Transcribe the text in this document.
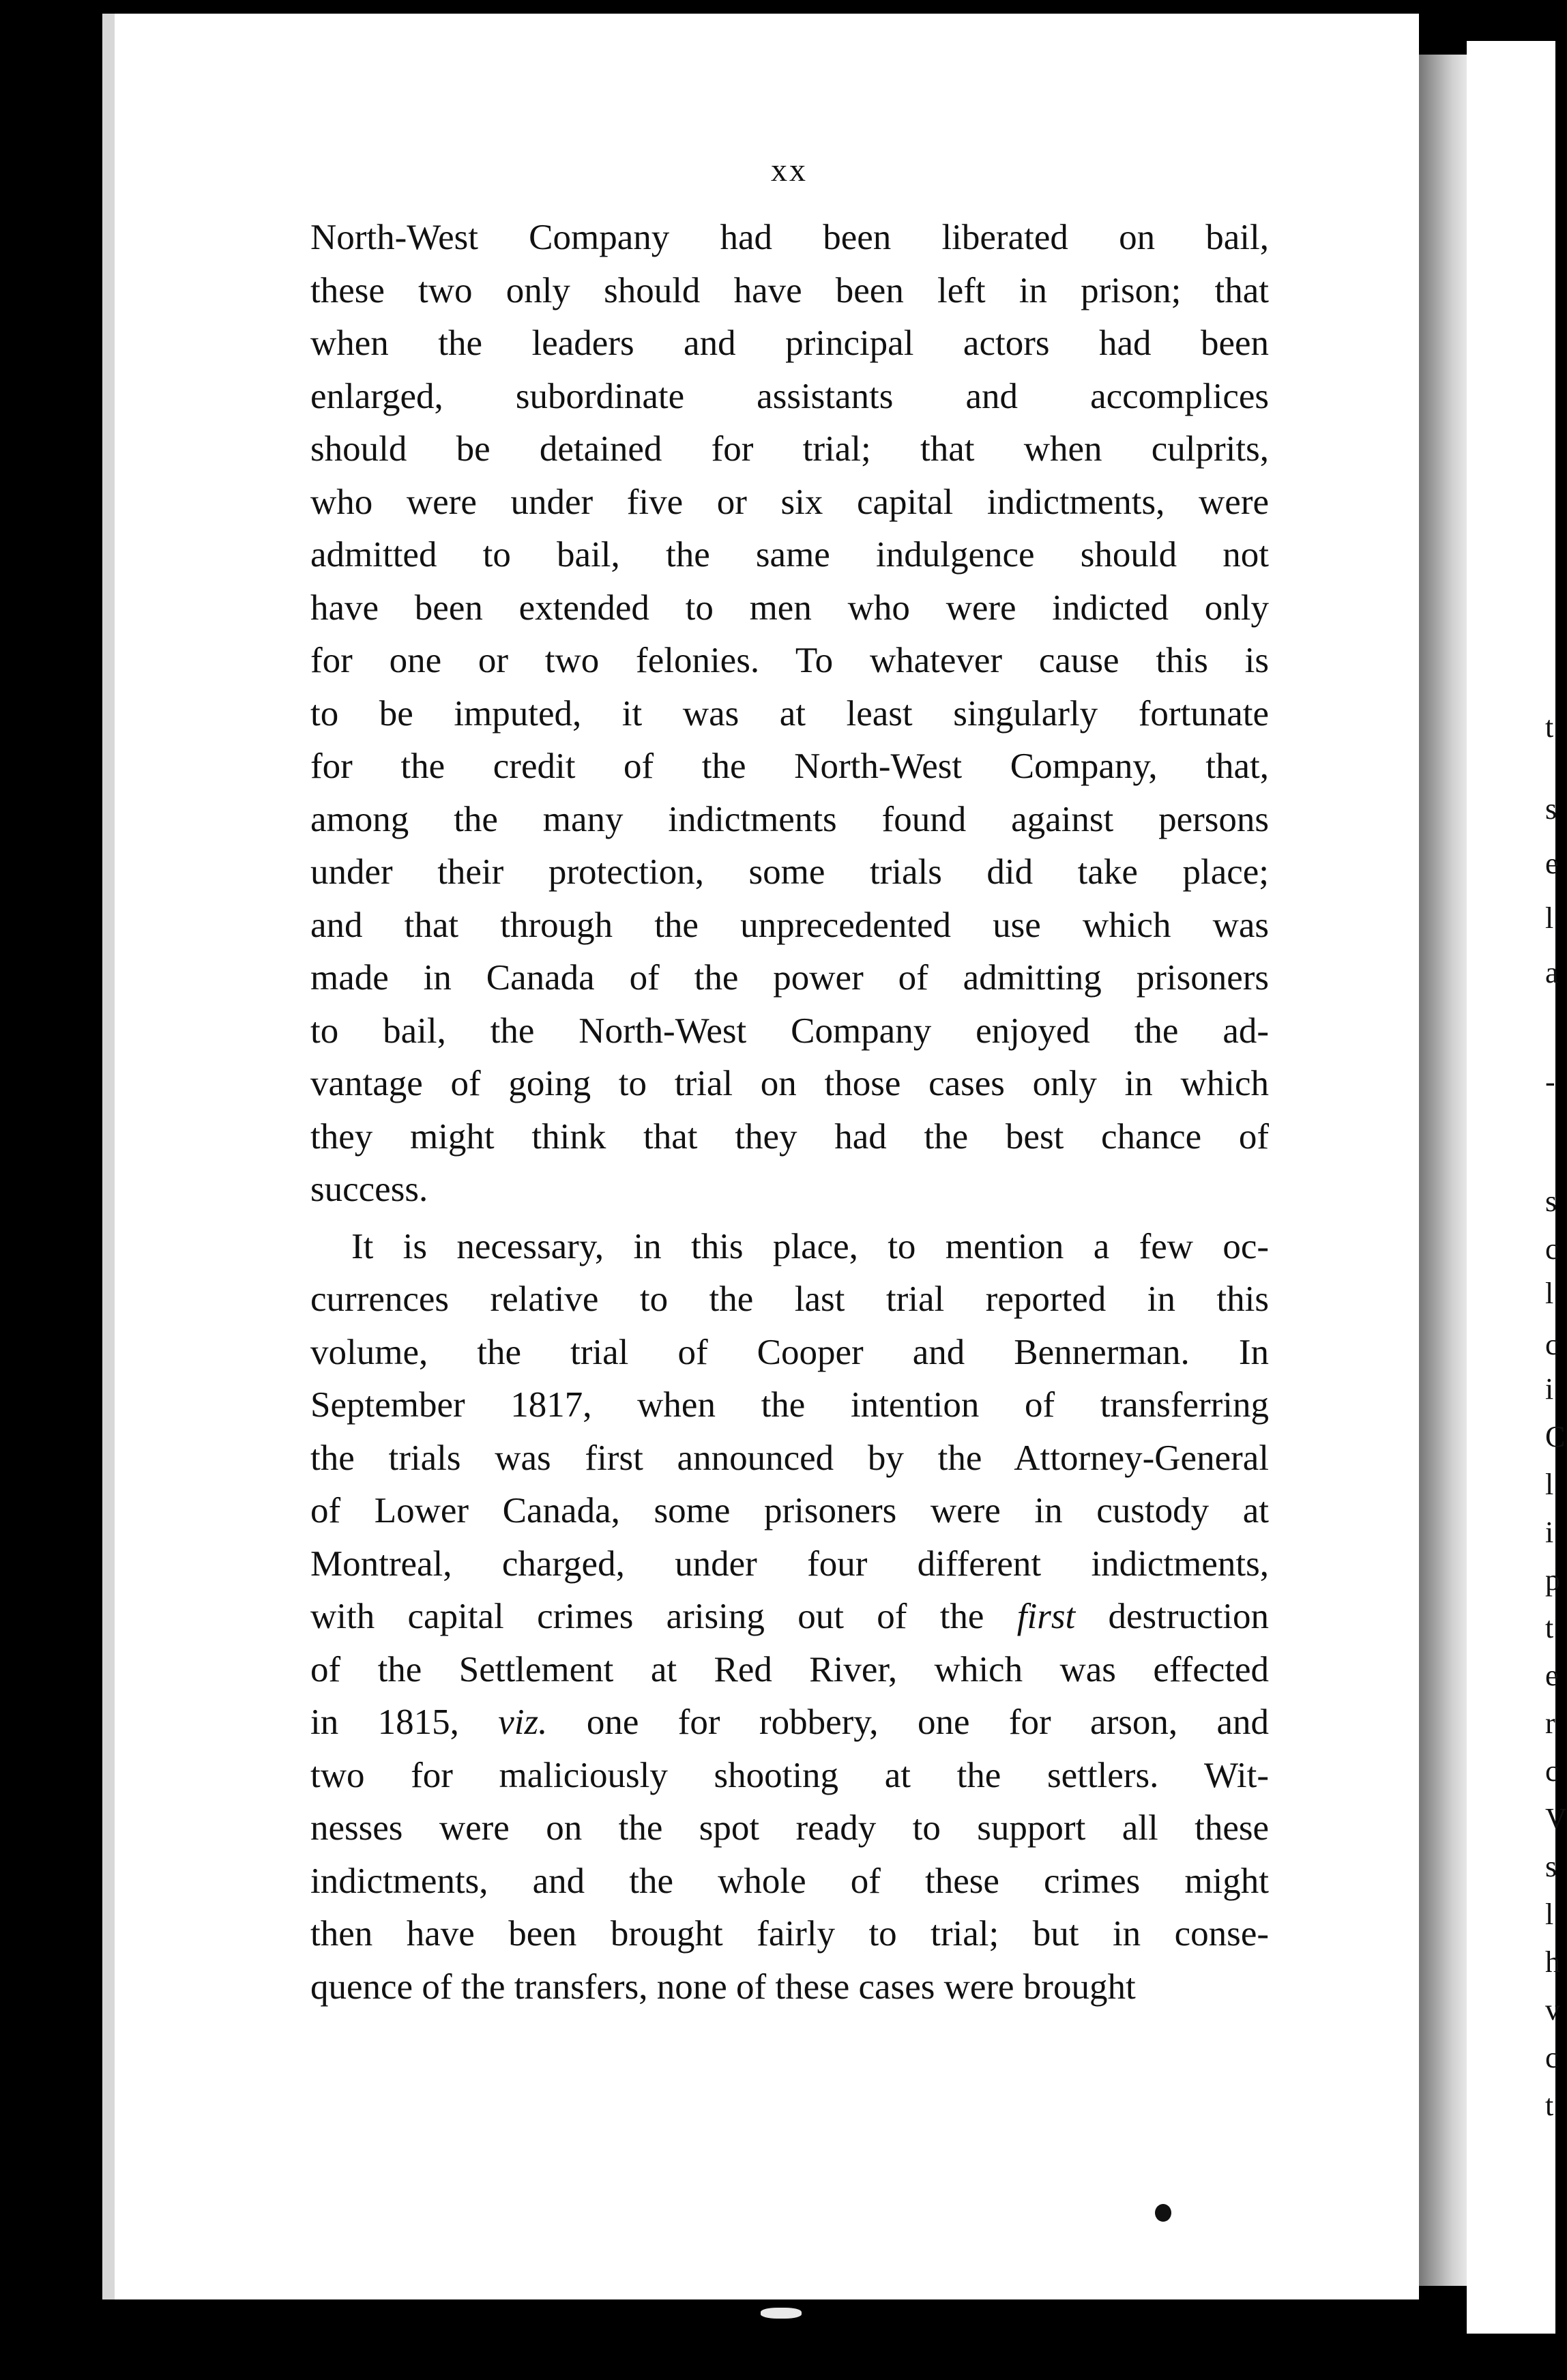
xx
North-West Company had been liberated on bail,
these two only should have been left in prison; that
when the leaders and principal actors had been
enlarged, subordinate assistants and accomplices
should be detained for trial; that when culprits,
who were under five or six capital indictments, were
admitted to bail, the same indulgence should not
have been extended to men who were indicted only
for one or two felonies. To whatever cause this is
to be imputed, it was at least singularly fortunate
for the credit of the North-West Company, that,
among the many indictments found against persons
under their protection, some trials did take place;
and that through the unprecedented use which was
made in Canada of the power of admitting prisoners
to bail, the North-West Company enjoyed the ad-
vantage of going to trial on those cases only in which
they might think that they had the best chance of
success.
It is necessary, in this place, to mention a few oc-
currences relative to the last trial reported in this
volume, the trial of Cooper and Bennerman. In
September 1817, when the intention of transferring
the trials was first announced by the Attorney-General
of Lower Canada, some prisoners were in custody at
Montreal, charged, under four different indictments,
with capital crimes arising out of the first destruction
of the Settlement at Red River, which was effected
in 1815, viz. one for robbery, one for arson, and
two for maliciously shooting at the settlers. Wit-
nesses were on the spot ready to support all these
indictments, and the whole of these crimes might
then have been brought fairly to trial; but in conse-
quence of the transfers, none of these cases were brought
t
s
e
l
a
-
s
c
l
c
i
C
l
i
p
t
e
r
c
V
s
l
h
v
c
t
